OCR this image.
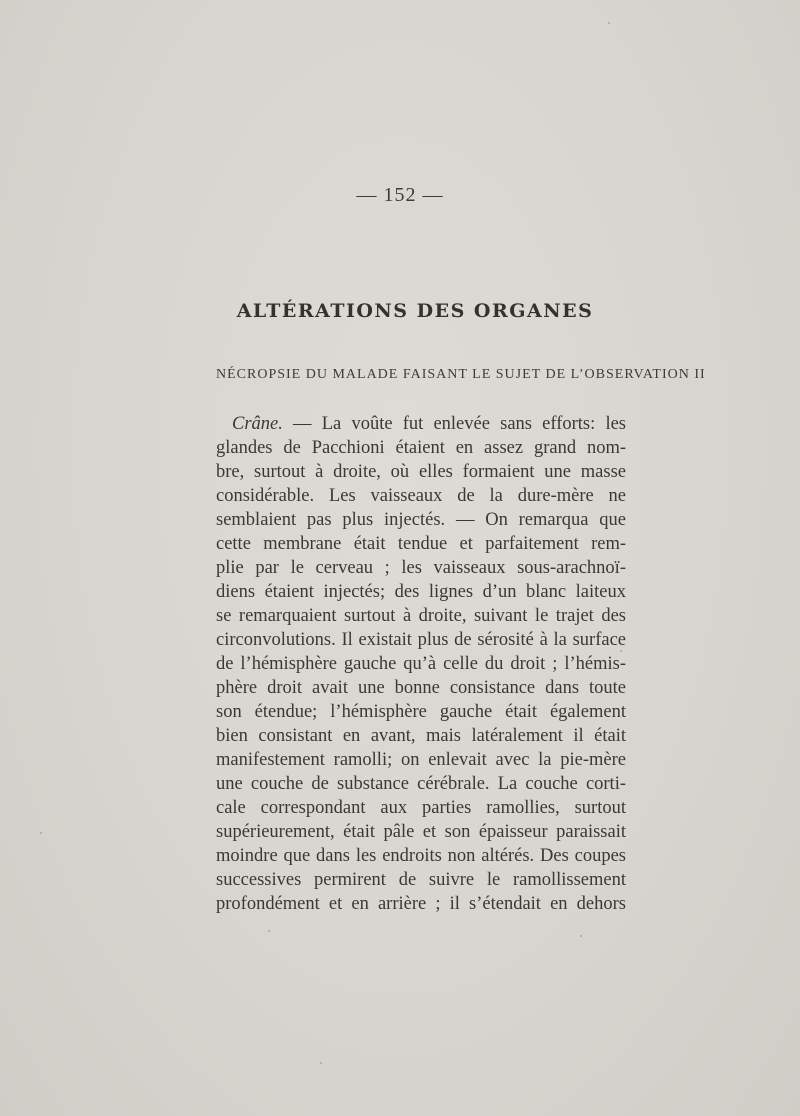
— 152 —
ALTÉRATIONS DES ORGANES
NÉCROPSIE DU MALADE FAISANT LE SUJET DE L’OBSERVATION II
Crâne. — La voûte fut enlevée sans efforts: les
glandes de Pacchioni étaient en assez grand nom-
bre, surtout à droite, où elles formaient une masse
considérable. Les vaisseaux de la dure-mère ne
semblaient pas plus injectés. — On remarqua que
cette membrane était tendue et parfaitement rem-
plie par le cerveau ; les vaisseaux sous-arachnoï-
diens étaient injectés; des lignes d’un blanc laiteux
se remarquaient surtout à droite, suivant le trajet des
circonvolutions. Il existait plus de sérosité à la surface
de l’hémisphère gauche qu’à celle du droit ; l’hémis-
phère droit avait une bonne consistance dans toute
son étendue; l’hémisphère gauche était également
bien consistant en avant, mais latéralement il était
manifestement ramolli; on enlevait avec la pie-mère
une couche de substance cérébrale. La couche corti-
cale correspondant aux parties ramollies, surtout
supérieurement, était pâle et son épaisseur paraissait
moindre que dans les endroits non altérés. Des coupes
successives permirent de suivre le ramollissement
profondément et en arrière ; il s’étendait en dehors
